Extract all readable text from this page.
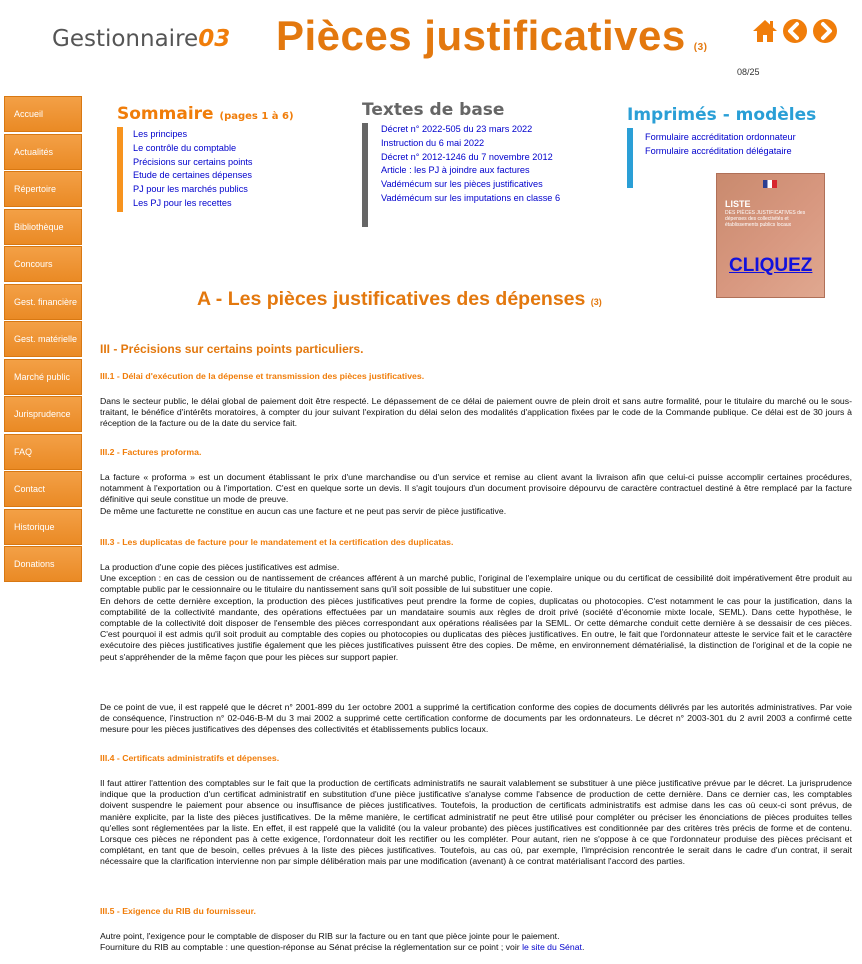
Gestionnaire03 Pièces justificatives (3)
08/25
Accueil
Actualités
Répertoire
Bibliothèque
Concours
Gest. financière
Gest. matérielle
Marché public
Jurisprudence
FAQ
Contact
Historique
Donations
Sommaire (pages 1 à 6)
Les principes
Le contrôle du comptable
Précisions sur certains points
Etude de certaines dépenses
PJ pour les marchés publics
Les PJ pour les recettes
Textes de base
Décret n° 2022-505 du 23 mars 2022
Instruction du 6 mai 2022
Décret n° 2012-1246 du 7 novembre 2012
Article : les PJ à joindre aux factures
Vadémécum sur les pièces justificatives
Vadémécum sur les imputations en classe 6
Imprimés - modèles
Formulaire accréditation ordonnateur
Formulaire accréditation délégataire
LISTE
DES PIÈCES JUSTIFICATIVES des dépenses des collectivités et établissements publics locaux
CLIQUEZ
A - Les pièces justificatives des dépenses (3)
III - Précisions sur certains points particuliers.
III.1 - Délai d'exécution de la dépense et transmission des pièces justificatives.

Dans le secteur public, le délai global de paiement doit être respecté. Le dépassement de ce délai de paiement ouvre de plein droit et sans autre formalité, pour le titulaire du marché ou le sous-traitant, le bénéfice d'intérêts moratoires, à compter du jour suivant l'expiration du délai selon des modalités d'application fixées par le code de la Commande publique. Ce délai est de 30 jours à réception de la facture ou de la date du service fait.

III.2 - Factures proforma.

La facture « proforma » est un document établissant le prix d'une marchandise ou d'un service et remise au client avant la livraison afin que celui-ci puisse accomplir certaines procédures, notamment à l'exportation ou à l'importation. C'est en quelque sorte un devis. Il s'agit toujours d'un document provisoire dépourvu de caractère contractuel destiné à être remplacé par la facture définitive qui seule constitue un mode de preuve.

De même une facturette ne constitue en aucun cas une facture et ne peut pas servir de pièce justificative.

III.3 - Les duplicatas de facture pour le mandatement et la certification des duplicatas.

La production d'une copie des pièces justificatives est admise.

Une exception : en cas de cession ou de nantissement de créances afférent à un marché public, l'original de l'exemplaire unique ou du certificat de cessibilité doit impérativement être produit au comptable public par le cessionnaire ou le titulaire du nantissement sans qu'il soit possible de lui substituer une copie.

En dehors de cette dernière exception, la production des pièces justificatives peut prendre la forme de copies, duplicatas ou photocopies. C'est notamment le cas pour la justification, dans la comptabilité de la collectivité mandante, des opérations effectuées par un mandataire soumis aux règles de droit privé (société d'économie mixte locale, SEML). Dans cette hypothèse, le comptable de la collectivité doit disposer de l'ensemble des pièces correspondant aux opérations réalisées par la SEML. Or cette démarche conduit cette dernière à se dessaisir de ces pièces. C'est pourquoi il est admis qu'il soit produit au comptable des copies ou photocopies ou duplicatas des pièces justificatives. En outre, le fait que l'ordonnateur atteste le service fait et le caractère exécutoire des pièces justificatives justifie également que les pièces justificatives puissent être des copies. De même, en environnement dématérialisé, la distinction de l'original et de la copie ne peut s'appréhender de la même façon que pour les pièces sur support papier.

De ce point de vue, il est rappelé que le décret n° 2001-899 du 1er octobre 2001 a supprimé la certification conforme des copies de documents délivrés par les autorités administratives. Par voie de conséquence, l'instruction n° 02-046-B-M du 3 mai 2002 a supprimé cette certification conforme de documents par les ordonnateurs. Le décret n° 2003-301 du 2 avril 2003 a confirmé cette mesure pour les pièces justificatives des dépenses des collectivités et établissements publics locaux.

III.4 - Certificats administratifs et dépenses.

Il faut attirer l'attention des comptables sur le fait que la production de certificats administratifs ne saurait valablement se substituer à une pièce justificative prévue par le décret. La jurisprudence indique que la production d'un certificat administratif en substitution d'une pièce justificative s'analyse comme l'absence de production de cette dernière. Dans ce dernier cas, les comptables doivent suspendre le paiement pour absence ou insuffisance de pièces justificatives. Toutefois, la production de certificats administratifs est admise dans les cas où ceux-ci sont prévus, de manière explicite, par la liste des pièces justificatives. De la même manière, le certificat administratif ne peut être utilisé pour compléter ou préciser les énonciations de pièces produites telles qu'elles sont réglementées par la liste. En effet, il est rappelé que la validité (ou la valeur probante) des pièces justificatives est conditionnée par des critères très précis de forme et de contenu. Lorsque ces pièces ne répondent pas à cette exigence, l'ordonnateur doit les rectifier ou les compléter. Pour autant, rien ne s'oppose à ce que l'ordonnateur produise des pièces précisant et complétant, en tant que de besoin, celles prévues à la liste des pièces justificatives. Toutefois, au cas où, par exemple, l'imprécision rencontrée le serait dans le cadre d'un contrat, il serait nécessaire que la clarification intervienne non par simple délibération mais par une modification (avenant) à ce contrat matérialisant l'accord des parties.

III.5 - Exigence du RIB du fournisseur.

Autre point, l'exigence pour le comptable de disposer du RIB sur la facture ou en tant que pièce jointe pour le paiement.

Fourniture du RIB au comptable : une question-réponse au Sénat précise la réglementation sur ce point ; voir le site du Sénat.
